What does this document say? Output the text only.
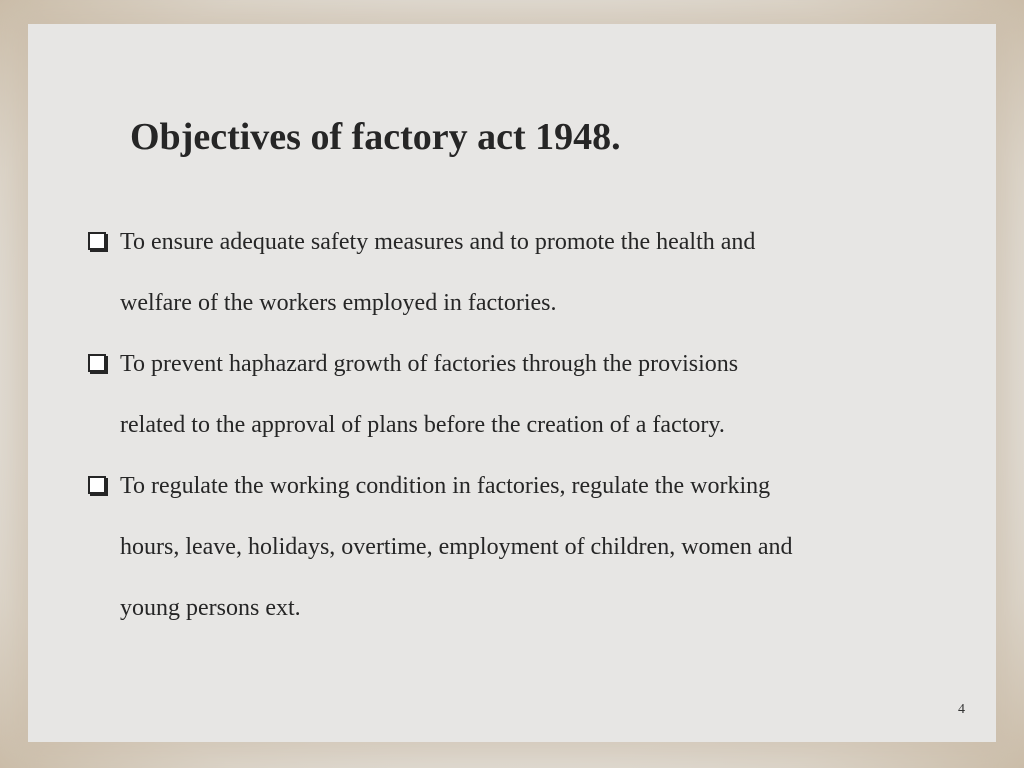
Objectives of factory act 1948.
To ensure adequate safety measures and to promote the health and
welfare of the workers employed in factories.
To prevent haphazard growth of factories through the provisions
related to the approval of plans before the creation of a factory.
To regulate the working condition in factories, regulate the working
hours, leave, holidays, overtime, employment of children, women and
young persons ext.
4
